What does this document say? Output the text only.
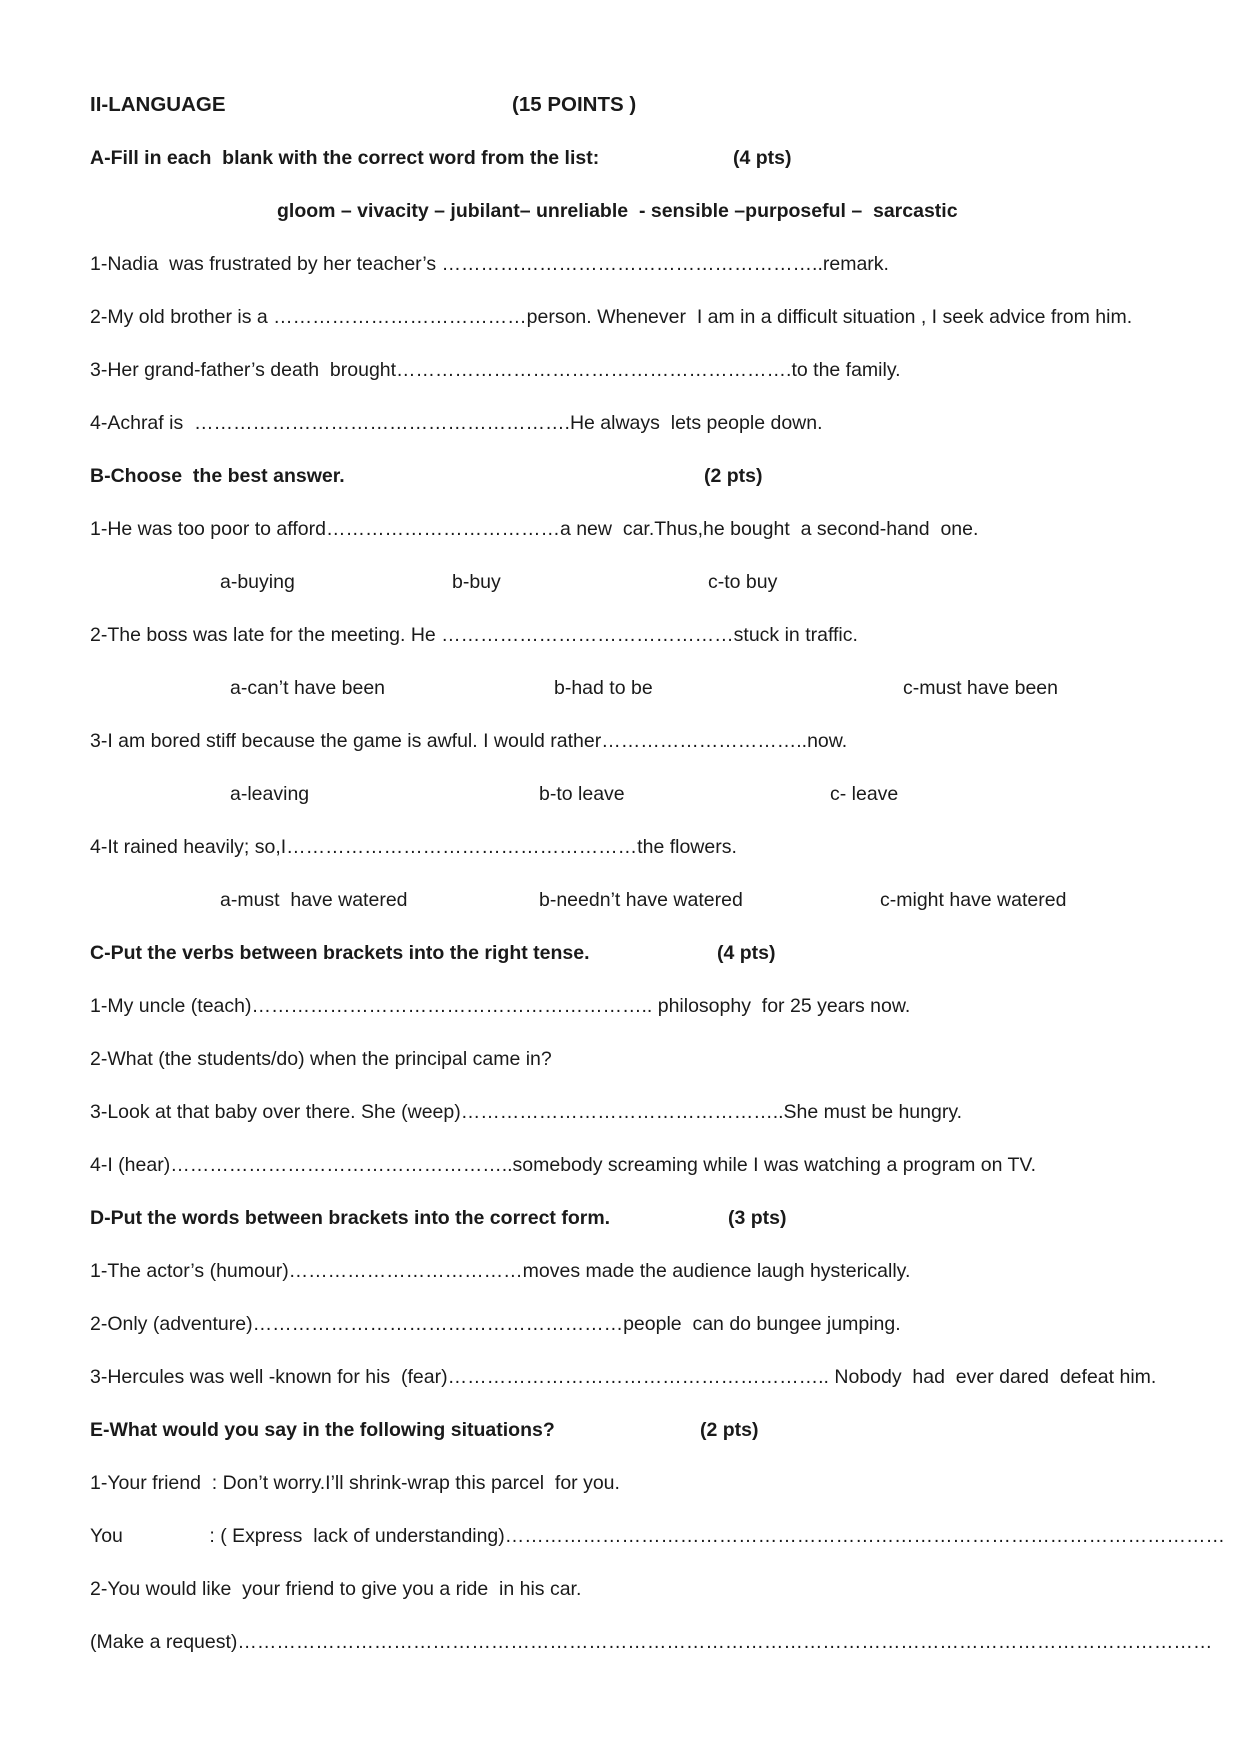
II-LANGUAGE	(15 POINTS )
A-Fill in each  blank with the correct word from the list:	(4 pts)
gloom – vivacity – jubilant– unreliable  - sensible –purposeful –  sarcastic
1-Nadia  was frustrated by her teacher’s …………………………………………………..remark.
2-My old brother is a …………………………………person. Whenever  I am in a difficult situation , I seek advice from him.
3-Her grand-father’s death  brought…………………………………………………….to the family.
4-Achraf is  ………………………………………………….He always  lets people down.
B-Choose  the best answer.	(2 pts)
1-He was too poor to afford………………………………a new  car.Thus,he bought  a second-hand  one.
a-buying	b-buy	c-to buy
2-The boss was late for the meeting. He ………………………………………stuck in traffic.
a-can’t have been	b-had to be	c-must have been
3-I am bored stiff because the game is awful. I would rather…………………………..now.
a-leaving	b-to leave	c- leave
4-It rained heavily; so,I………………………………………………the flowers.
a-must  have watered	b-needn’t have watered	c-might have watered
C-Put the verbs between brackets into the right tense.	(4 pts)
1-My uncle (teach)…………………………………………………….. philosophy  for 25 years now.
2-What (the students/do) when the principal came in?
3-Look at that baby over there. She (weep)…………………………………………..She must be hungry.
4-I (hear)……………………………………………..somebody screaming while I was watching a program on TV.
D-Put the words between brackets into the correct form.	(3 pts)
1-The actor’s (humour)………………………………moves made the audience laugh hysterically.
2-Only (adventure)…………………………………………………people  can do bungee jumping.
3-Hercules was well -known for his  (fear)………………………………………………….. Nobody  had  ever dared  defeat him.
E-What would you say in the following situations?	(2 pts)
1-Your friend  : Don’t worry.I’ll shrink-wrap this parcel  for you.
You                : ( Express  lack of understanding)…………………………………………………………………………………………………
2-You would like  your friend to give you a ride  in his car.
(Make a request)……………………………………………………………………………………………………………………………………
